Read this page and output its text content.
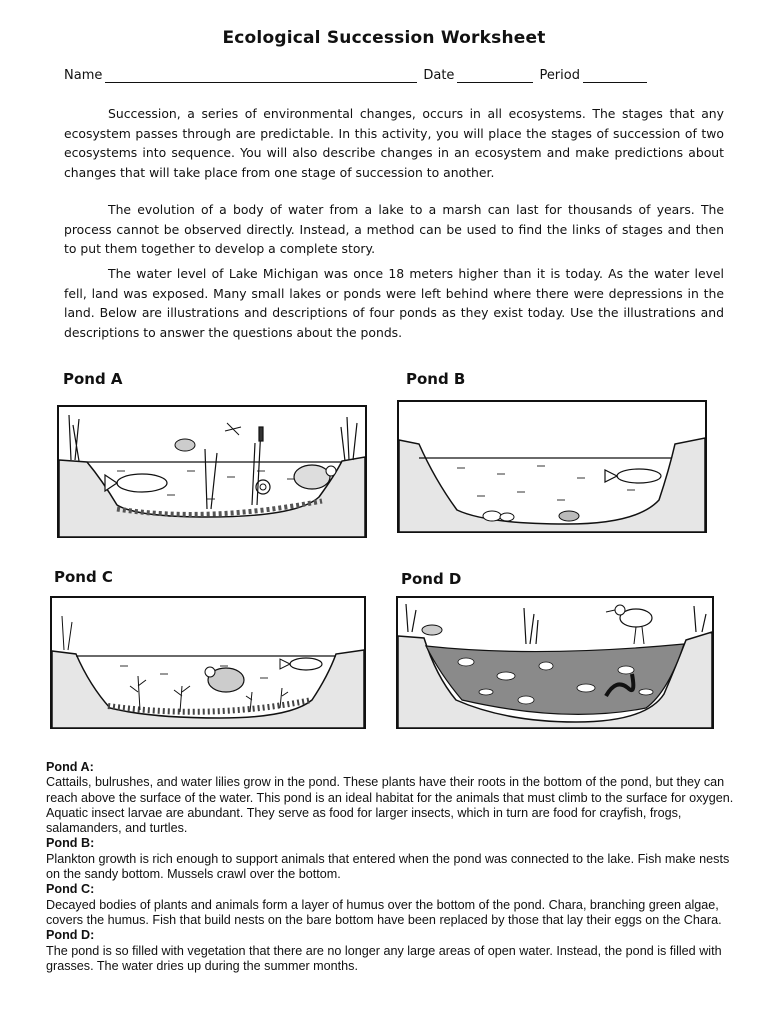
Ecological Succession Worksheet
Name	Date	Period
Succession, a series of environmental changes, occurs in all ecosystems. The stages that any ecosystem passes through are predictable. In this activity, you will place the stages of succession of two ecosystems into sequence. You will also describe changes in an ecosystem and make predictions about changes that will take place from one stage of succession to another.
The evolution of a body of water from a lake to a marsh can last for thousands of years. The process cannot be observed directly. Instead, a method can be used to find the links of stages and then to put them together to develop a complete story.
The water level of Lake Michigan was once 18 meters higher than it is today. As the water level fell, land was exposed. Many small lakes or ponds were left behind where there were depressions in the land. Below are illustrations and descriptions of four ponds as they exist today. Use the illustrations and descriptions to answer the questions about the ponds.
Pond A	Pond B
Pond C	Pond D
Pond A:
Cattails, bulrushes, and water lilies grow in the pond. These plants have their roots in the bottom of the pond, but they can reach above the surface of the water. This pond is an ideal habitat for the animals that must climb to the surface for oxygen. Aquatic insect larvae are abundant. They serve as food for larger insects, which in turn are food for crayfish, frogs, salamanders, and turtles.
Pond B:
Plankton growth is rich enough to support animals that entered when the pond was connected to the lake. Fish make nests on the sandy bottom. Mussels crawl over the bottom.
Pond C:
Decayed bodies of plants and animals form a layer of humus over the bottom of the pond. Chara, branching green algae, covers the humus. Fish that build nests on the bare bottom have been replaced by those that lay their eggs on the Chara.
Pond D:
The pond is so filled with vegetation that there are no longer any large areas of open water. Instead, the pond is filled with grasses. The water dries up during the summer months.
